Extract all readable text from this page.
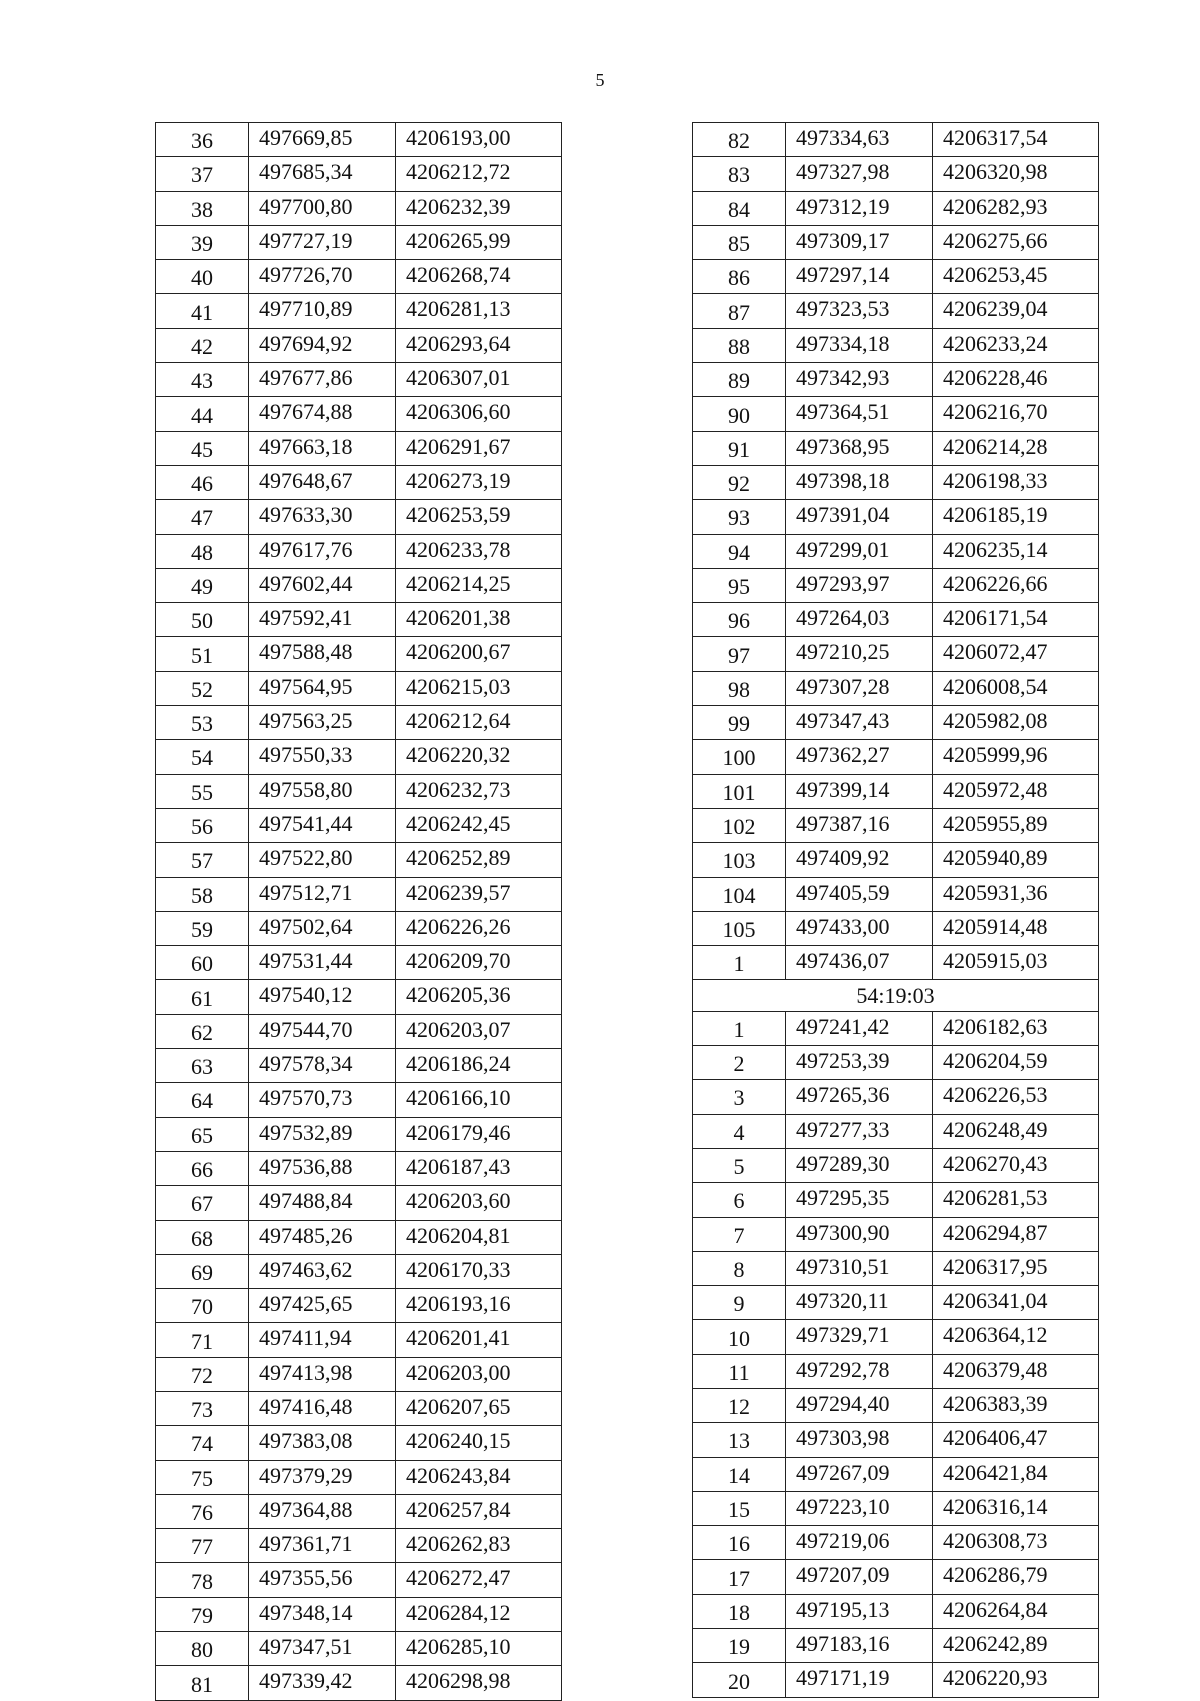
5
36	497669,85	4206193,00
37	497685,34	4206212,72
38	497700,80	4206232,39
39	497727,19	4206265,99
40	497726,70	4206268,74
41	497710,89	4206281,13
42	497694,92	4206293,64
43	497677,86	4206307,01
44	497674,88	4206306,60
45	497663,18	4206291,67
46	497648,67	4206273,19
47	497633,30	4206253,59
48	497617,76	4206233,78
49	497602,44	4206214,25
50	497592,41	4206201,38
51	497588,48	4206200,67
52	497564,95	4206215,03
53	497563,25	4206212,64
54	497550,33	4206220,32
55	497558,80	4206232,73
56	497541,44	4206242,45
57	497522,80	4206252,89
58	497512,71	4206239,57
59	497502,64	4206226,26
60	497531,44	4206209,70
61	497540,12	4206205,36
62	497544,70	4206203,07
63	497578,34	4206186,24
64	497570,73	4206166,10
65	497532,89	4206179,46
66	497536,88	4206187,43
67	497488,84	4206203,60
68	497485,26	4206204,81
69	497463,62	4206170,33
70	497425,65	4206193,16
71	497411,94	4206201,41
72	497413,98	4206203,00
73	497416,48	4206207,65
74	497383,08	4206240,15
75	497379,29	4206243,84
76	497364,88	4206257,84
77	497361,71	4206262,83
78	497355,56	4206272,47
79	497348,14	4206284,12
80	497347,51	4206285,10
81	497339,42	4206298,98
82	497334,63	4206317,54
83	497327,98	4206320,98
84	497312,19	4206282,93
85	497309,17	4206275,66
86	497297,14	4206253,45
87	497323,53	4206239,04
88	497334,18	4206233,24
89	497342,93	4206228,46
90	497364,51	4206216,70
91	497368,95	4206214,28
92	497398,18	4206198,33
93	497391,04	4206185,19
94	497299,01	4206235,14
95	497293,97	4206226,66
96	497264,03	4206171,54
97	497210,25	4206072,47
98	497307,28	4206008,54
99	497347,43	4205982,08
100	497362,27	4205999,96
101	497399,14	4205972,48
102	497387,16	4205955,89
103	497409,92	4205940,89
104	497405,59	4205931,36
105	497433,00	4205914,48
1	497436,07	4205915,03
54:19:03		
1	497241,42	4206182,63
2	497253,39	4206204,59
3	497265,36	4206226,53
4	497277,33	4206248,49
5	497289,30	4206270,43
6	497295,35	4206281,53
7	497300,90	4206294,87
8	497310,51	4206317,95
9	497320,11	4206341,04
10	497329,71	4206364,12
11	497292,78	4206379,48
12	497294,40	4206383,39
13	497303,98	4206406,47
14	497267,09	4206421,84
15	497223,10	4206316,14
16	497219,06	4206308,73
17	497207,09	4206286,79
18	497195,13	4206264,84
19	497183,16	4206242,89
20	497171,19	4206220,93
